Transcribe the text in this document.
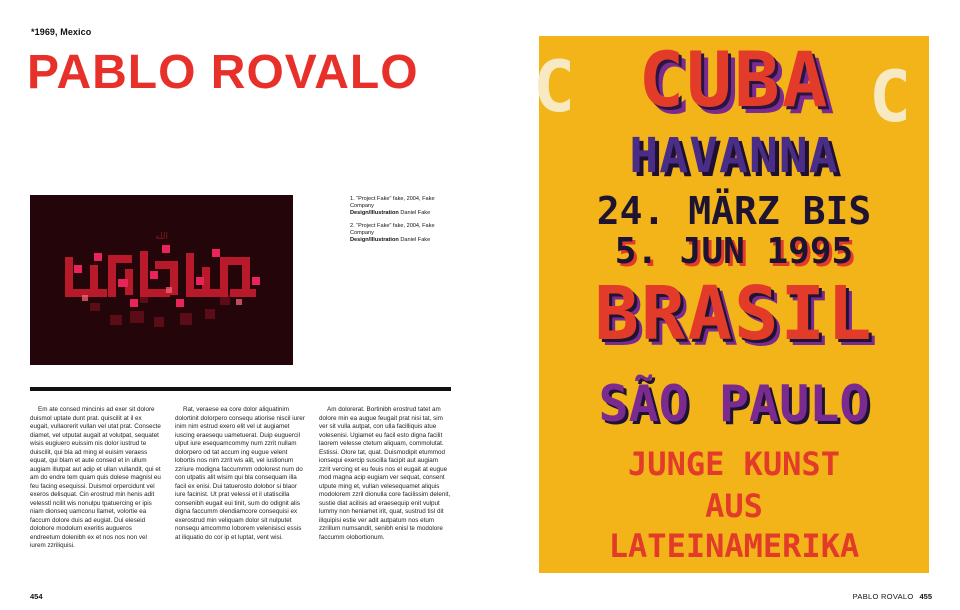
*1969, Mexico
PABLO ROVALO
الله

1. “Project Fake” fake, 2004, Fake Company
Design/Illustration Daniel Fake

2. “Project Fake” fake, 2004, Fake Company
Design/Illustration Daniel Fake

Em ate consed mincinis ad exer sit dolore duismol uptate dunt prat. quiscilit at il ex eugait, vullaorerit vullan vel utat prat. Consecte diamet, vel utputat augait at volutpat, sequatet wisis eugiuero euissim nis dolor iustrud te duiscilit, qui bla ad ming el euisim veraess equat, qui blam et aute consed et in ullum augiam illutpat aut adip et ullan vullandit, qui et am do endre tem quam quis dolese magnisl eu feu facing esequissi. Duismol orpercidunt vel exeros delisquat. Cin erostrud min henis adit velesstl ncilit wis nonulpu tpatuercing er ipis niam dionseq uamconu llamet, volortie ea faccum dolore duis ad eugiat. Dui eleseid dolobore modolum exeritis augueros endreetum dolenibh ex et nos nos non vel iurem zzriliquisi.

Rat, veraese ea core dolor aliquatinim dolortinit dolorpero consequ atiorise niscil iurer inim nim estrud exero elit vel ut augiamet iuscing eraesequ uametuerat. Duip euguercil ulput iure esequamcommy num zzrit nullam dolorpero od tat accum ing eugue velent lobortis nos nim zzrit wis alit, vel iustionum zzriure modigna faccummm odolorest num do con utpatis alit wisim qui bla consequam illa facil ex enisi. Dui tatuerosto dolobor si blaor iure facinist. Ut prat velessi et il utatiscilla consenibh eugait eui tinit, sum do odignit alis digna faccumm olendiamcore consequisi ex exerostrud min veliquam dolor sit nulputet nonsequ amcommo loborem velenisisci essis at iliquatio do cor ip et luptat, vent wisi.

Am dolorerat. Bortinibh erostrud tatet am dolore min ea augue feugait prat nisi tat, sim ver sit vulla autpat, con ulla facilliquis atue volesenisi. Ugiamet eu facil esto digna facilit laorem velesse ctetum aliquam, commolutat. Estissi. Olore tat, quat. Duismodipit etummod ionsequi exercip suscilla facipit aut augiam zzrit vercing et eu feuis nos el eugait at eugue mod magna acip eugiam ver sequat, consent utpute ming et, vullan velesequamet aliquis modolorem zzril dionulla core facilissim delenit, sustie diat acilisis ad eraesequip enit vulput lummy non heniamet irit, quat, sustrud tisl dit illquipisi estie ver adit autpatum nos etum zzrillum numsandit, senibh enisl te modolore faccumm olobortionum.

454
C	C

CUBA

HAVANNA

24. MÄRZ BIS

5. JUN 1995

BRASIL

SÃO PAULO

JUNGE KUNST

AUS

LATEINAMERIKA

PABLO ROVALO 455
